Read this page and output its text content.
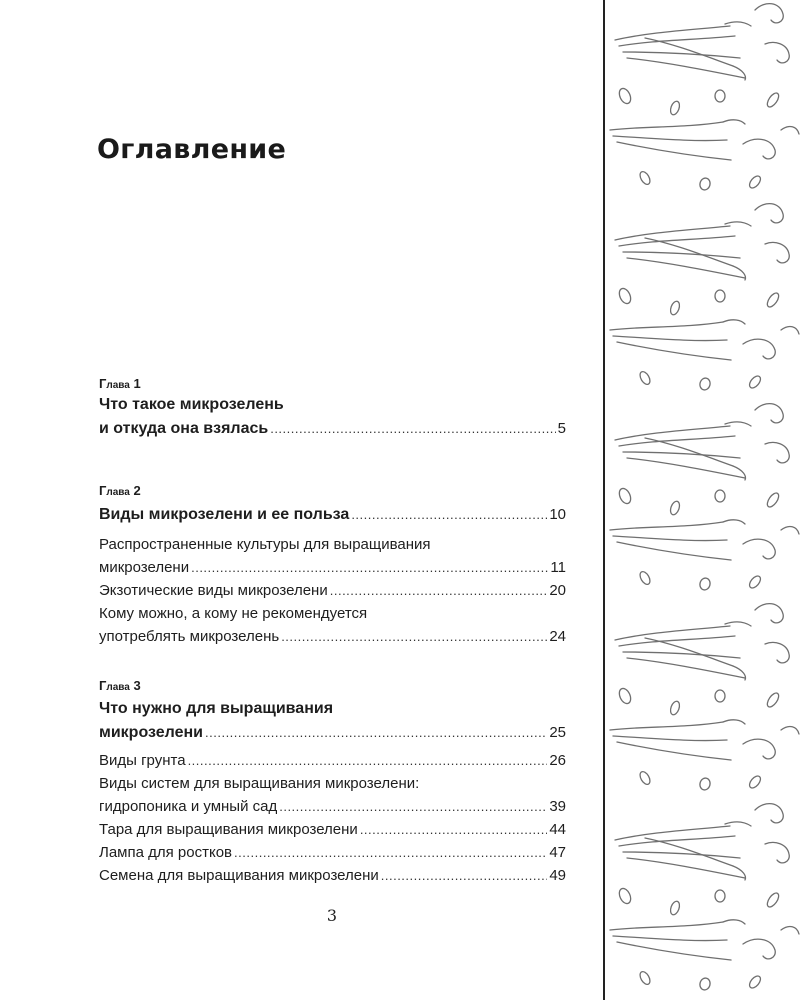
Оглавление
Глава 1
Что такое микрозелень
и откуда она взялась .....	5
Глава 2
Виды микрозелени и ее польза .....	10
Распространенные культуры для выращивания
микрозелени .....	11
Экзотические виды микрозелени .....	20
Кому можно, а кому не рекомендуется
употреблять микрозелень .....	24
Глава 3
Что нужно для выращивания
микрозелени .....	25
Виды грунта .....	26
Виды систем для выращивания микрозелени:
гидропоника и умный сад .....	39
Тара для выращивания микрозелени .....	44
Лампа для ростков .....	47
Семена для выращивания микрозелени .....	49
3
